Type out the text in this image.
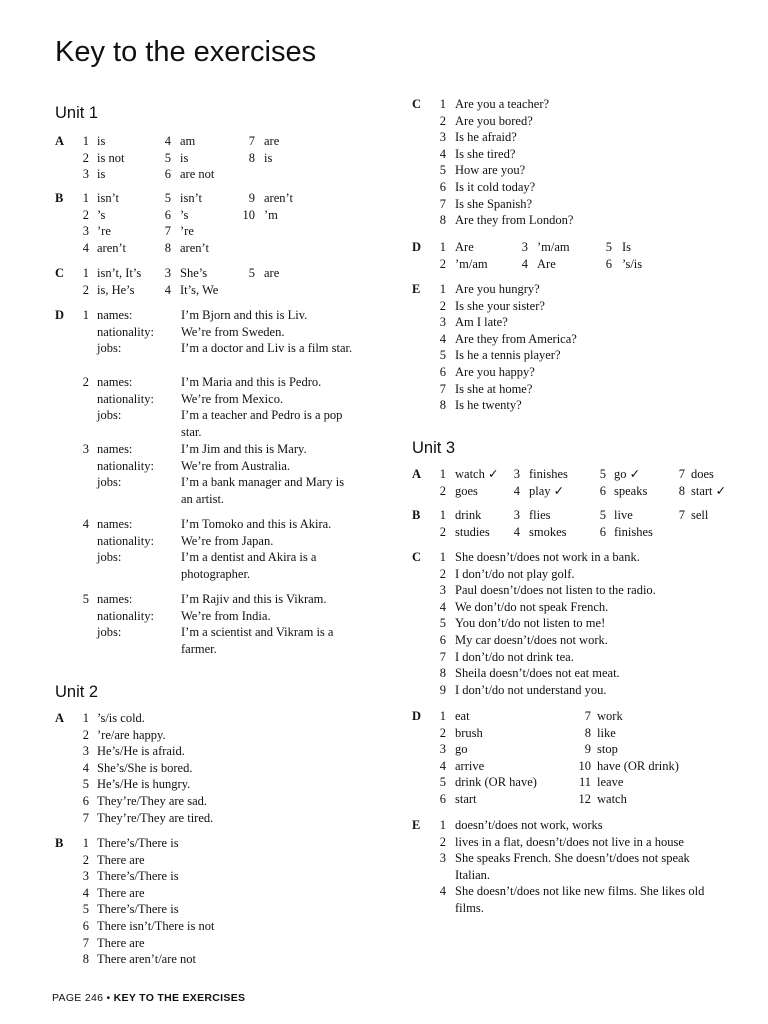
Key to the exercises
Unit 1
A	1 is
2 is not
3 is
4 am
5 is
6 are not
7 are
8 is
B	1 isn’t
2 ’s
3 ’re
4 aren’t
5 isn’t
6 ’s
7 ’re
8 aren’t
9 aren’t
10 ’m
C	1 isn’t, It’s
2 is, He’s
3 She’s
4 It’s, We
5 are
D	1 names:	I’m Bjorn and this is Liv.
nationality: We’re from Sweden.
jobs:	I’m a doctor and Liv is a film star.
2 names:	I’m Maria and this is Pedro.
nationality: We’re from Mexico.
jobs:	I’m a teacher and Pedro is a pop star.
3 names:	I’m Jim and this is Mary.
nationality: We’re from Australia.
jobs:	I’m a bank manager and Mary is an artist.
4 names:	I’m Tomoko and this is Akira.
nationality: We’re from Japan.
jobs:	I’m a dentist and Akira is a photographer.
5 names:	I’m Rajiv and this is Vikram.
nationality: We’re from India.
jobs:	I’m a scientist and Vikram is a farmer.
Unit 2
A	1 ’s/is cold.
2 ’re/are happy.
3 He’s/He is afraid.
4 She’s/She is bored.
5 He’s/He is hungry.
6 They’re/They are sad.
7 They’re/They are tired.
B	1 There’s/There is
2 There are
3 There’s/There is
4 There are
5 There’s/There is
6 There isn’t/There is not
7 There are
8 There aren’t/are not
C	1 Are you a teacher?
2 Are you bored?
3 Is he afraid?
4 Is she tired?
5 How are you?
6 Is it cold today?
7 Is she Spanish?
8 Are they from London?
D	1 Are
2 ’m/am
3 ’m/am
4 Are
5 Is
6 ’s/is
E	1 Are you hungry?
2 Is she your sister?
3 Am I late?
4 Are they from America?
5 Is he a tennis player?
6 Are you happy?
7 Is she at home?
8 Is he twenty?
Unit 3
A	1 watch ✓
2 goes
3 finishes
4 play ✓
5 go ✓
6 speaks
7 does
8 start ✓
B	1 drink
2 studies
3 flies
4 smokes
5 live
6 finishes
7 sell
C	1 She doesn’t/does not work in a bank.
2 I don’t/do not play golf.
3 Paul doesn’t/does not listen to the radio.
4 We don’t/do not speak French.
5 You don’t/do not listen to me!
6 My car doesn’t/does not work.
7 I don’t/do not drink tea.
8 Sheila doesn’t/does not eat meat.
9 I don’t/do not understand you.
D	1 eat
2 brush
3 go
4 arrive
5 drink (OR have)
6 start
7 work
8 like
9 stop
10 have (OR drink)
11 leave
12 watch
E	1 doesn’t/does not work, works
2 lives in a flat, doesn’t/does not live in a house
3 She speaks French. She doesn’t/does not speak Italian.
4 She doesn’t/does not like new films. She likes old films.
PAGE 246 • KEY TO THE EXERCISES
